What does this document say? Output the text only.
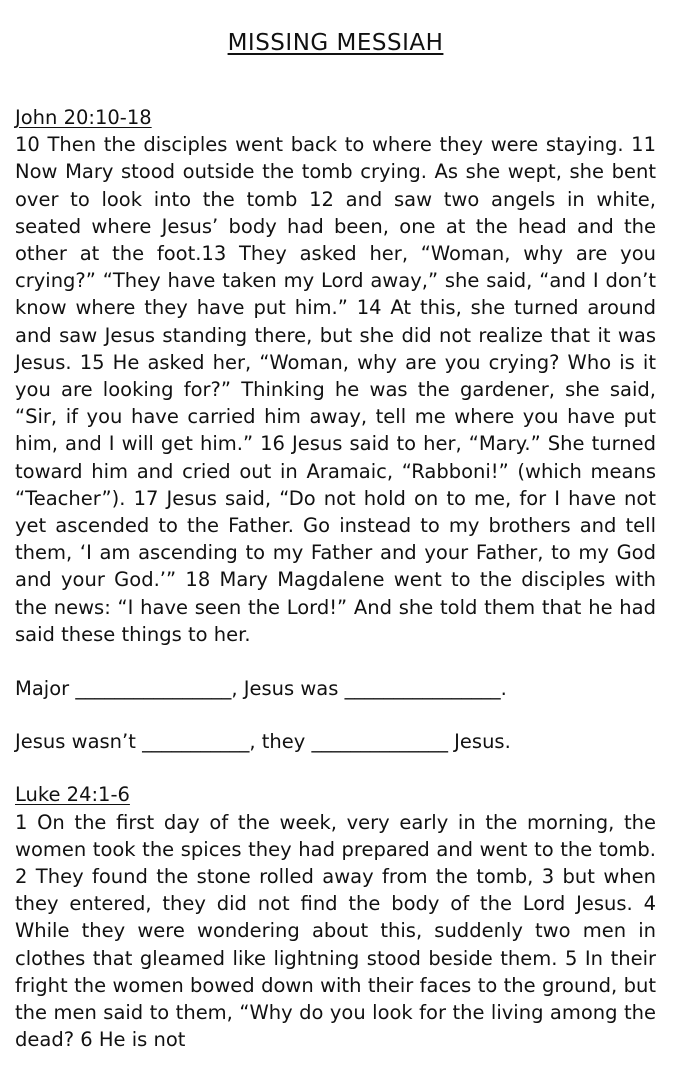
MISSING MESSIAH
John 20:10-18

10 Then the disciples went back to where they were staying. 11 Now Mary stood outside the tomb crying. As she wept, she bent over to look into the tomb 12 and saw two angels in white, seated where Jesus’ body had been, one at the head and the other at the foot.13 They asked her, “Woman, why are you crying?” “They have taken my Lord away,” she said, “and I don’t know where they have put him.” 14 At this, she turned around and saw Jesus standing there, but she did not realize that it was Jesus. 15 He asked her, “Woman, why are you crying? Who is it you are looking for?” Thinking he was the gardener, she said, “Sir, if you have carried him away, tell me where you have put him, and I will get him.” 16 Jesus said to her, “Mary.” She turned toward him and cried out in Aramaic, “Rabboni!” (which means “Teacher”). 17 Jesus said, “Do not hold on to me, for I have not yet ascended to the Father. Go instead to my brothers and tell them, ‘I am ascending to my Father and your Father, to my God and your God.’” 18 Mary Magdalene went to the disciples with the news: “I have seen the Lord!” And she told them that he had said these things to her.

Major ________________, Jesus was ________________.

Jesus wasn’t ___________, they ______________ Jesus.

Luke 24:1-6

1 On the first day of the week, very early in the morning, the women took the spices they had prepared and went to the tomb. 2 They found the stone rolled away from the tomb, 3 but when they entered, they did not find the body of the Lord Jesus. 4 While they were wondering about this, suddenly two men in clothes that gleamed like lightning stood beside them. 5 In their fright the women bowed down with their faces to the ground, but the men said to them, “Why do you look for the living among the dead? 6 He is not
